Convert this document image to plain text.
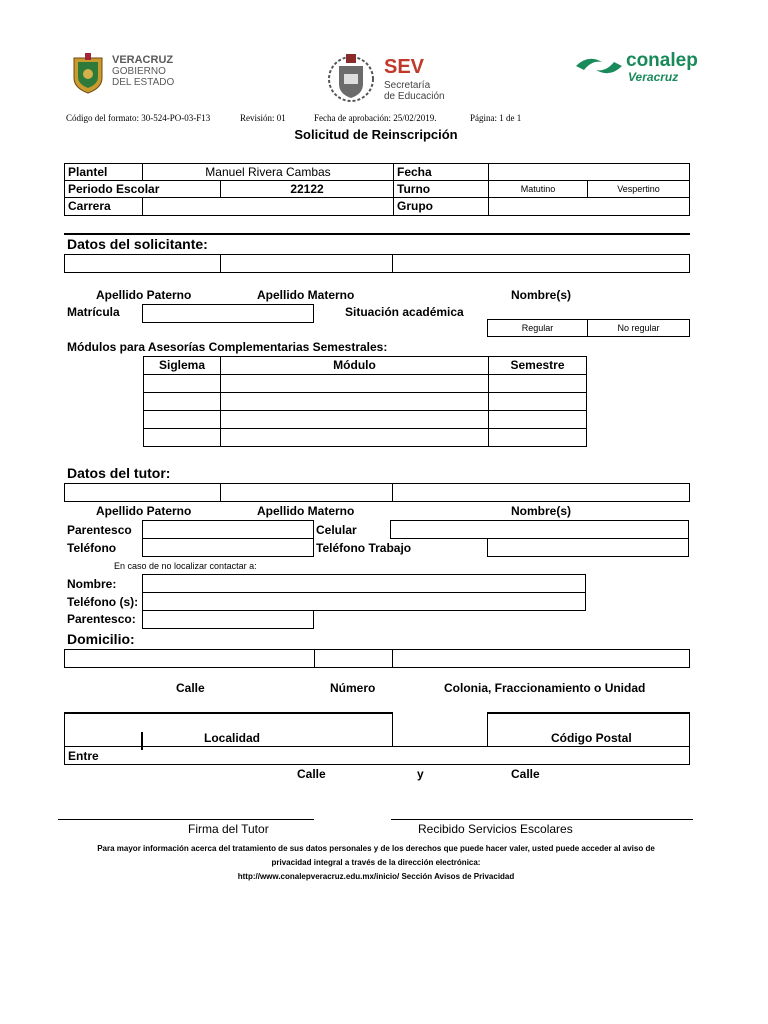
VERACRUZ
GOBIERNO
DEL ESTADO
SEV
Secretaría
de Educación
conalep
Veracruz
Código del formato: 30-524-PO-03-F13	Revisión: 01	Fecha de aprobación: 25/02/2019.	Página: 1 de 1
Solicitud de Reinscripción
Plantel	Manuel Rivera Cambas	Fecha
Periodo Escolar	22122	Turno	Matutino	Vespertino
Carrera	Grupo
Datos del solicitante:
Apellido Paterno	Apellido Materno	Nombre(s)
Matrícula	Situación académica
Regular	No regular
Módulos para Asesorías Complementarias Semestrales:
Siglema	Módulo	Semestre
Datos del tutor:
Apellido Paterno	Apellido Materno	Nombre(s)
Parentesco	Celular
Teléfono	Teléfono Trabajo
En caso de no localizar contactar a:
Nombre:
Teléfono (s):
Parentesco:
Domicilio:
Calle	Número	Colonia, Fraccionamiento o Unidad
Localidad	Código Postal
Entre
Calle	y	Calle
Firma del Tutor	Recibido Servicios Escolares
Para mayor información acerca del tratamiento de sus datos personales y de los derechos que puede hacer valer, usted puede acceder al aviso de
privacidad integral a través de la dirección electrónica:
http://www.conalepveracruz.edu.mx/inicio/ Sección Avisos de Privacidad
